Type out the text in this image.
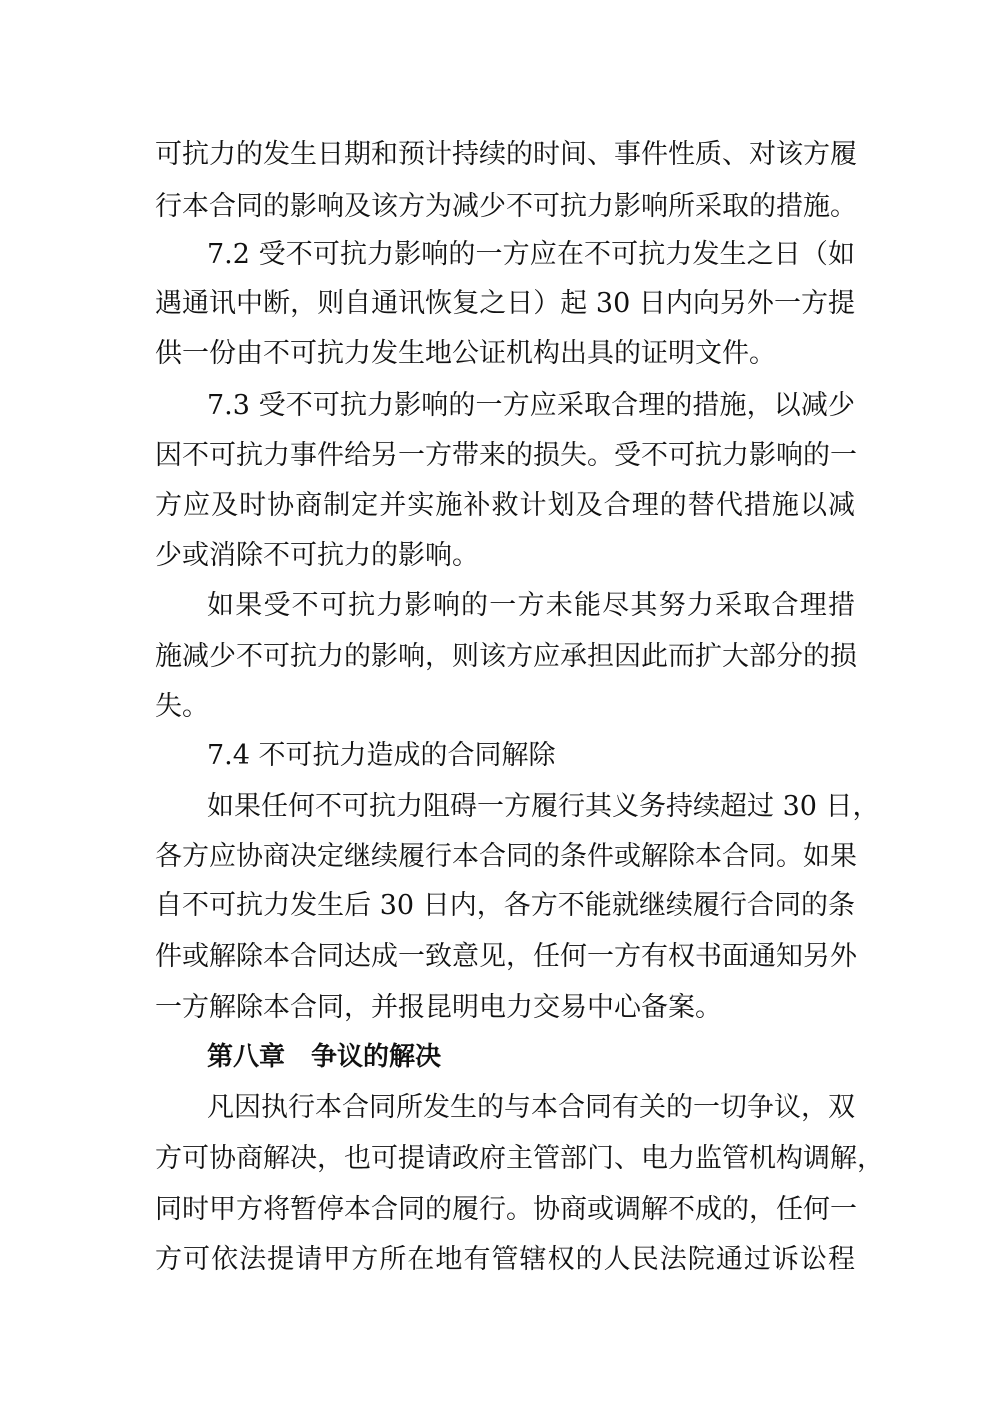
可抗力的发生日期和预计持续的时间、事件性质、对该方履
行本合同的影响及该方为减少不可抗力影响所采取的措施。
7.2 受不可抗力影响的一方应在不可抗力发生之日（如
遇通讯中断，则自通讯恢复之日）起 30 日内向另外一方提
供一份由不可抗力发生地公证机构出具的证明文件。
7.3 受不可抗力影响的一方应采取合理的措施，以减少
因不可抗力事件给另一方带来的损失。受不可抗力影响的一
方应及时协商制定并实施补救计划及合理的替代措施以减
少或消除不可抗力的影响。
如果受不可抗力影响的一方未能尽其努力采取合理措
施减少不可抗力的影响，则该方应承担因此而扩大部分的损
失。
7.4 不可抗力造成的合同解除
如果任何不可抗力阻碍一方履行其义务持续超过 30 日，
各方应协商决定继续履行本合同的条件或解除本合同。如果
自不可抗力发生后 30 日内，各方不能就继续履行合同的条
件或解除本合同达成一致意见，任何一方有权书面通知另外
一方解除本合同，并报昆明电力交易中心备案。
第八章　争议的解决
凡因执行本合同所发生的与本合同有关的一切争议，双
方可协商解决，也可提请政府主管部门、电力监管机构调解，
同时甲方将暂停本合同的履行。协商或调解不成的，任何一
方可依法提请甲方所在地有管辖权的人民法院通过诉讼程
